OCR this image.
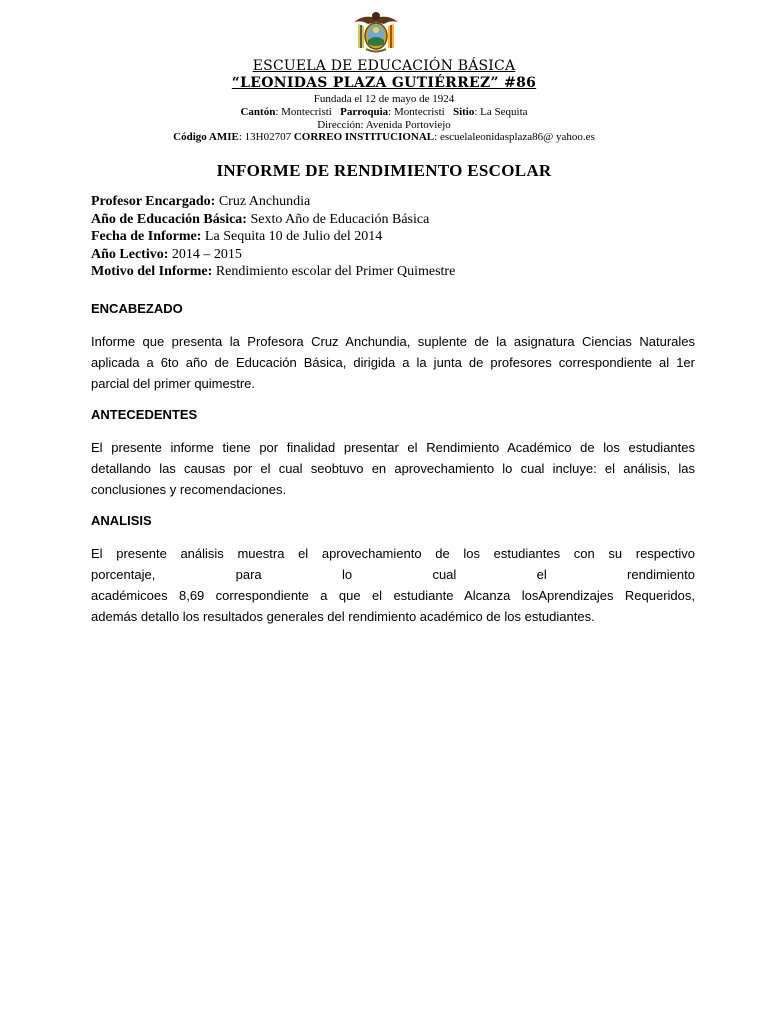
ESCUELA DE EDUCACIÓN BÁSICA
“LEONIDAS PLAZA GUTIÉRREZ” #86
Fundada el 12 de mayo de 1924
Cantón: Montecristi Parroquia: Montecristi Sitio: La Sequita
Dirección: Avenida Portoviejo
Código AMIE: 13H02707 CORREO INSTITUCIONAL: escuelaleonidasplaza86@ yahoo.es
INFORME DE RENDIMIENTO ESCOLAR
Profesor Encargado: Cruz Anchundia
Año de Educación Básica: Sexto Año de Educación Básica
Fecha de Informe: La Sequita 10 de Julio del 2014
Año Lectivo: 2014 – 2015
Motivo del Informe: Rendimiento escolar del Primer Quimestre
ENCABEZADO
Informe que presenta la Profesora Cruz Anchundia, suplente de la asignatura Ciencias Naturales
aplicada a 6to año de Educación Básica, dirigida a la junta de profesores correspondiente al 1er
parcial del primer quimestre.
ANTECEDENTES
El presente informe tiene por finalidad presentar el Rendimiento Académico de los estudiantes
detallando las causas por el cual seobtuvo en aprovechamiento lo cual incluye: el análisis, las
conclusiones y recomendaciones.
ANALISIS
El presente análisis muestra el aprovechamiento de los estudiantes con su respectivo
porcentaje, para lo cual el rendimiento
académicoes 8,69 correspondiente a que el estudiante Alcanza losAprendizajes Requeridos,
además detallo los resultados generales del rendimiento académico de los estudiantes.
